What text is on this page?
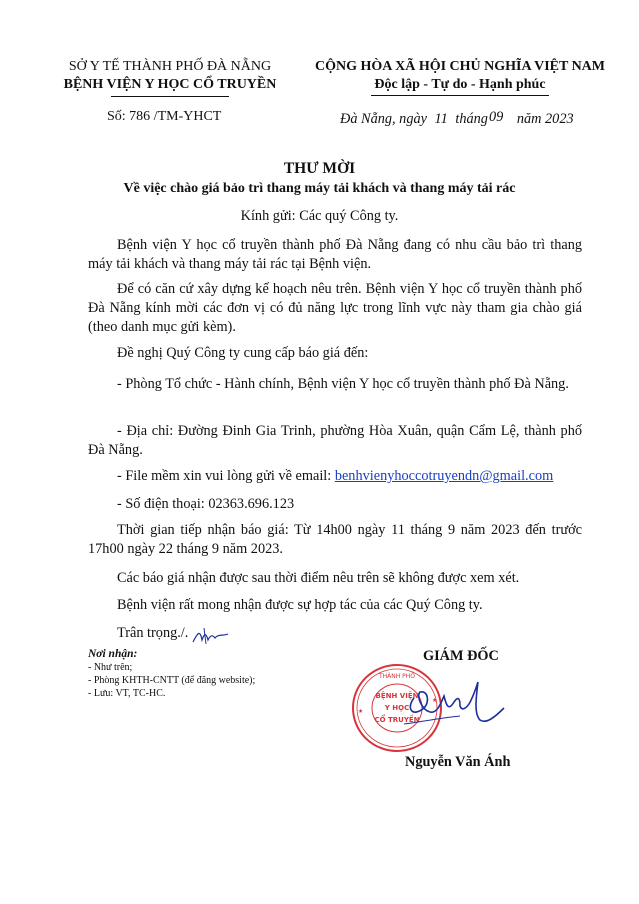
SỞ Y TẾ THÀNH PHỐ ĐÀ NẴNG
BỆNH VIỆN Y HỌC CỔ TRUYỀN
CỘNG HÒA XÃ HỘI CHỦ NGHĨA VIỆT NAM
Độc lập - Tự do - Hạnh phúc
Số: 786 /TM-YHCT	Đà Nẵng, ngày 11 tháng09 năm 2023
THƯ MỜI
Về việc chào giá bảo trì thang máy tải khách và thang máy tải rác
Kính gửi: Các quý Công ty.
Bệnh viện Y học cổ truyền thành phố Đà Nẵng đang có nhu cầu bảo trì thang máy tải khách và thang máy tải rác tại Bệnh viện.
Để có căn cứ xây dựng kế hoạch nêu trên. Bệnh viện Y học cổ truyền thành phố Đà Nẵng kính mời các đơn vị có đủ năng lực trong lĩnh vực này tham gia chào giá (theo danh mục gửi kèm).
Đề nghị Quý Công ty cung cấp báo giá đến:
- Phòng Tổ chức - Hành chính, Bệnh viện Y học cổ truyền thành phố Đà Nẵng.
- Địa chỉ: Đường Đinh Gia Trinh, phường Hòa Xuân, quận Cẩm Lệ, thành phố Đà Nẵng.
- File mềm xin vui lòng gửi về email: benhvienyhoccotruyendn@gmail.com
- Số điện thoại: 02363.696.123
Thời gian tiếp nhận báo giá: Từ 14h00 ngày 11 tháng 9 năm 2023 đến trước 17h00 ngày 22 tháng 9 năm 2023.
Các báo giá nhận được sau thời điểm nêu trên sẽ không được xem xét.
Bệnh viện rất mong nhận được sự hợp tác của các Quý Công ty.
Trân trọng./.
Nơi nhận:
- Như trên;
- Phòng KHTH-CNTT (để đăng website);
- Lưu: VT, TC-HC.
GIÁM ĐỐC
THÀNH PHỐ
BỆNH VIỆN
Y HỌC
CỔ TRUYỀN
★
★
Nguyễn Văn Ánh
